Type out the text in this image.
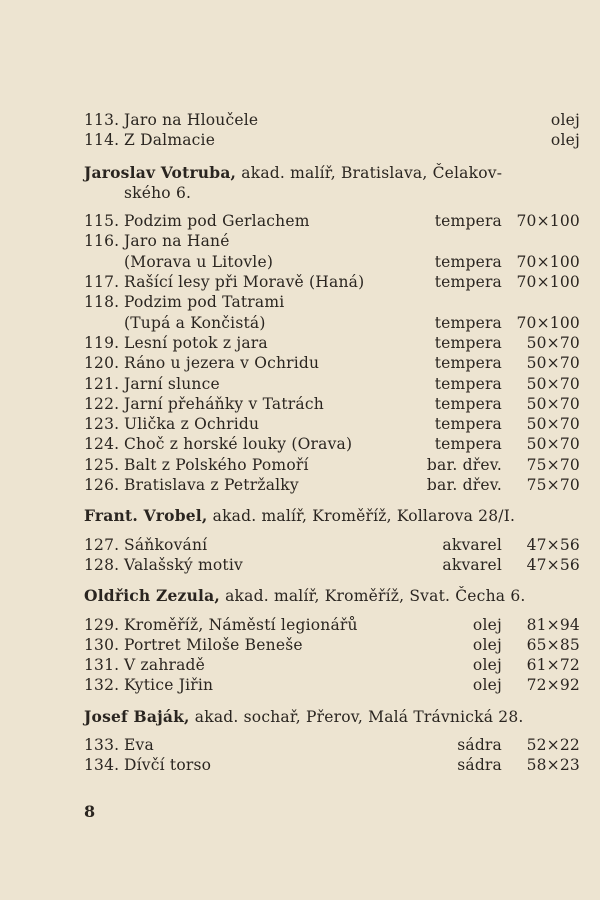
113. Jaro na Hloučele	olej
114. Z Dalmacie	olej
Jaroslav Votruba, akad. malíř, Bratislava, Čelakov-
ského 6.
115. Podzim pod Gerlachem	tempera 70×100
116. Jaro na Hané
(Morava u Litovle)	tempera 70×100
117. Rašící lesy při Moravě (Haná)	tempera 70×100
118. Podzim pod Tatrami
(Tupá a Končistá)	tempera 70×100
119. Lesní potok z jara	tempera	50×70
120. Ráno u jezera v Ochridu	tempera	50×70
121. Jarní slunce	tempera	50×70
122. Jarní přeháňky v Tatrách	tempera	50×70
123. Ulička z Ochridu	tempera	50×70
124. Choč z horské louky (Orava)	tempera	50×70
125. Balt z Polského Pomoří	bar. dřev.	75×70
126. Bratislava z Petržalky	bar. dřev.	75×70
Frant. Vrobel, akad. malíř, Kroměříž, Kollarova 28/I.
127. Sáňkování	akvarel	47×56
128. Valašský motiv	akvarel	47×56
Oldřich Zezula, akad. malíř, Kroměříž, Svat. Čecha 6.
129. Kroměříž, Náměstí legionářů	olej	81×94
130. Portret Miloše Beneše	olej	65×85
131. V zahradě	olej	61×72
132. Kytice Jiřin	olej	72×92
Josef Baják, akad. sochař, Přerov, Malá Trávnická 28.
133. Eva	sádra	52×22
134. Dívčí torso	sádra	58×23
8
